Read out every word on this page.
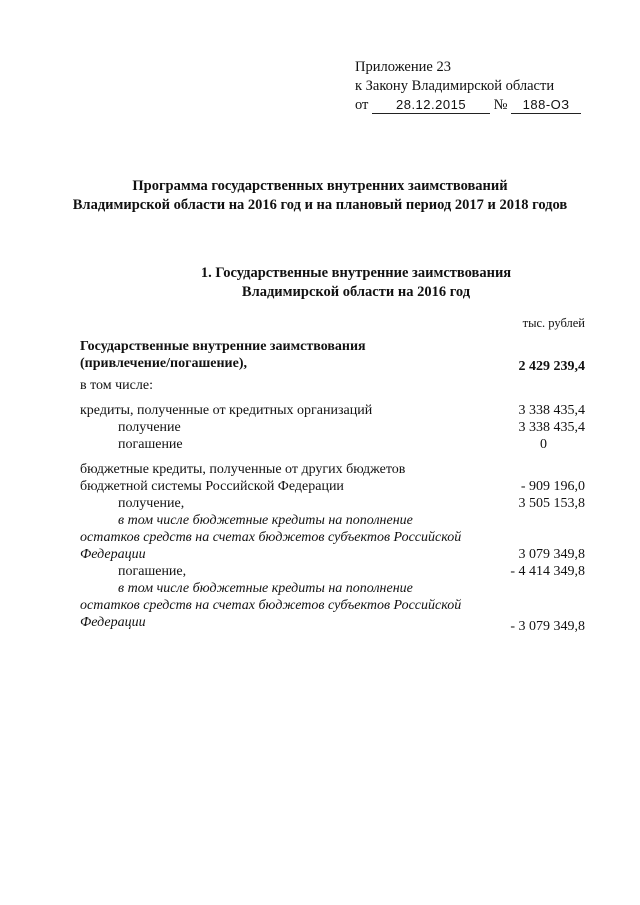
Приложение 23
к Закону Владимирской области
от 28.12.2015 № 188-ОЗ
Программа государственных внутренних заимствований
Владимирской области на 2016 год и на плановый период 2017 и 2018 годов
1. Государственные внутренние заимствования
Владимирской области на 2016 год
тыс. рублей
Государственные внутренние заимствования
(привлечение/погашение),	2 429 239,4
в том числе:
кредиты, полученные от кредитных организаций	3 338 435,4
получение	3 338 435,4
погашение	0
бюджетные кредиты, полученные от других бюджетов
бюджетной системы Российской Федерации	- 909 196,0
получение,	3 505 153,8
в том числе бюджетные кредиты на пополнение
остатков средств на счетах бюджетов субъектов Российской
Федерации	3 079 349,8
погашение,	- 4 414 349,8
в том числе бюджетные кредиты на пополнение
остатков средств на счетах бюджетов субъектов Российской
Федерации	- 3 079 349,8
